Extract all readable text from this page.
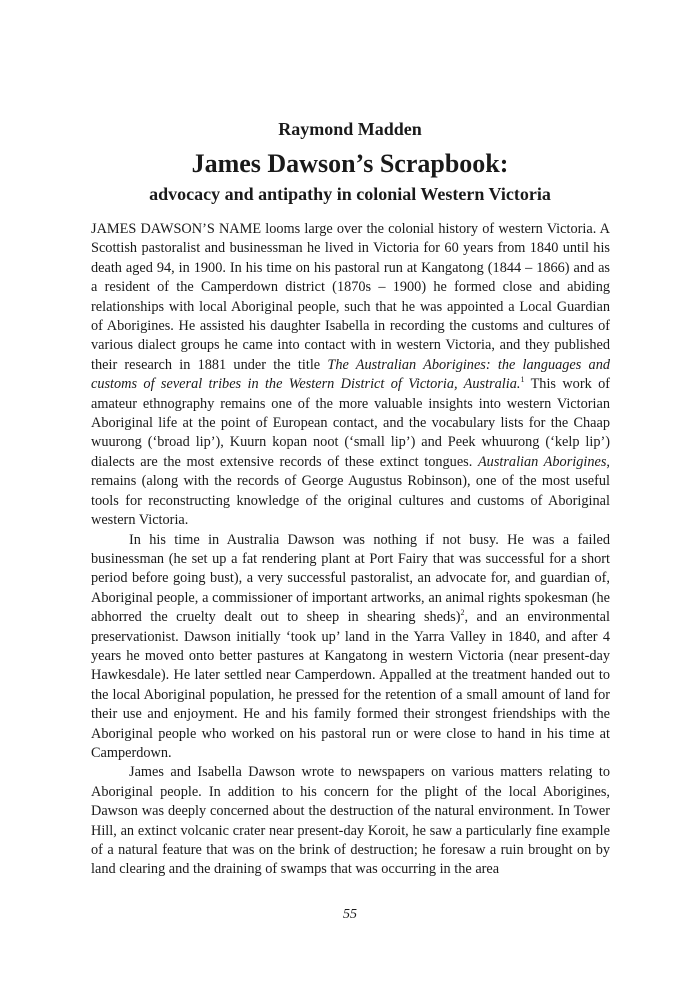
Raymond Madden
James Dawson’s Scrapbook:
advocacy and antipathy in colonial Western Victoria

JAMES DAWSON’S NAME looms large over the colonial history of western Victoria. A Scottish pastoralist and businessman he lived in Victoria for 60 years from 1840 until his death aged 94, in 1900. In his time on his pastoral run at Kangatong (1844 – 1866) and as a resident of the Camperdown district (1870s – 1900) he formed close and abiding relationships with local Aboriginal people, such that he was appointed a Local Guardian of Aborigines. He assisted his daughter Isabella in recording the customs and cultures of various dialect groups he came into contact with in western Victoria, and they published their research in 1881 under the title The Australian Aborigines: the languages and customs of several tribes in the Western District of Victoria, Australia.$^1$ This work of amateur ethnography remains one of the more valuable insights into western Victorian Aboriginal life at the point of European contact, and the vocabulary lists for the Chaap wuurong (‘broad lip’), Kuurn kopan noot (‘small lip’) and Peek whuurong (‘kelp lip’) dialects are the most extensive records of these extinct tongues. Australian Aborigines, remains (along with the records of George Augustus Robinson), one of the most useful tools for reconstructing knowledge of the original cultures and customs of Aboriginal western Victoria.

In his time in Australia Dawson was nothing if not busy. He was a failed businessman (he set up a fat rendering plant at Port Fairy that was successful for a short period before going bust), a very successful pastoralist, an advocate for, and guardian of, Aboriginal people, a commissioner of important artworks, an animal rights spokesman (he abhorred the cruelty dealt out to sheep in shearing sheds)$^2$, and an environmental preservationist. Dawson initially ‘took up’ land in the Yarra Valley in 1840, and after 4 years he moved onto better pastures at Kangatong in western Victoria (near present-day Hawkesdale). He later settled near Camperdown. Appalled at the treatment handed out to the local Aboriginal population, he pressed for the retention of a small amount of land for their use and enjoyment. He and his family formed their strongest friendships with the Aboriginal people who worked on his pastoral run or were close to hand in his time at Camperdown.

James and Isabella Dawson wrote to newspapers on various matters relating to Aboriginal people. In addition to his concern for the plight of the local Aborigines, Dawson was deeply concerned about the destruction of the natural environment. In Tower Hill, an extinct volcanic crater near present-day Koroit, he saw a particularly fine example of a natural feature that was on the brink of destruction; he foresaw a ruin brought on by land clearing and the draining of swamps that was occurring in the area

55
